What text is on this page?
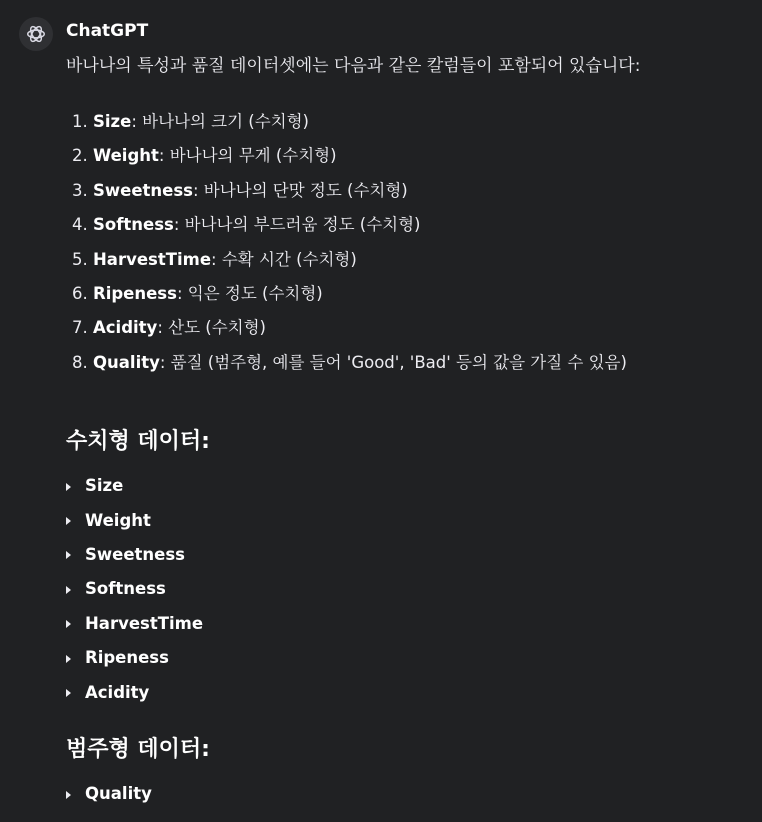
ChatGPT
바나나의 특성과 품질 데이터셋에는 다음과 같은 칼럼들이 포함되어 있습니다:
1. Size: 바나나의 크기 (수치형)
2. Weight: 바나나의 무게 (수치형)
3. Sweetness: 바나나의 단맛 정도 (수치형)
4. Softness: 바나나의 부드러움 정도 (수치형)
5. HarvestTime: 수확 시간 (수치형)
6. Ripeness: 익은 정도 (수치형)
7. Acidity: 산도 (수치형)
8. Quality: 품질 (범주형, 예를 들어 'Good', 'Bad' 등의 값을 가질 수 있음)
수치형 데이터:
Size
Weight
Sweetness
Softness
HarvestTime
Ripeness
Acidity
범주형 데이터:
Quality
